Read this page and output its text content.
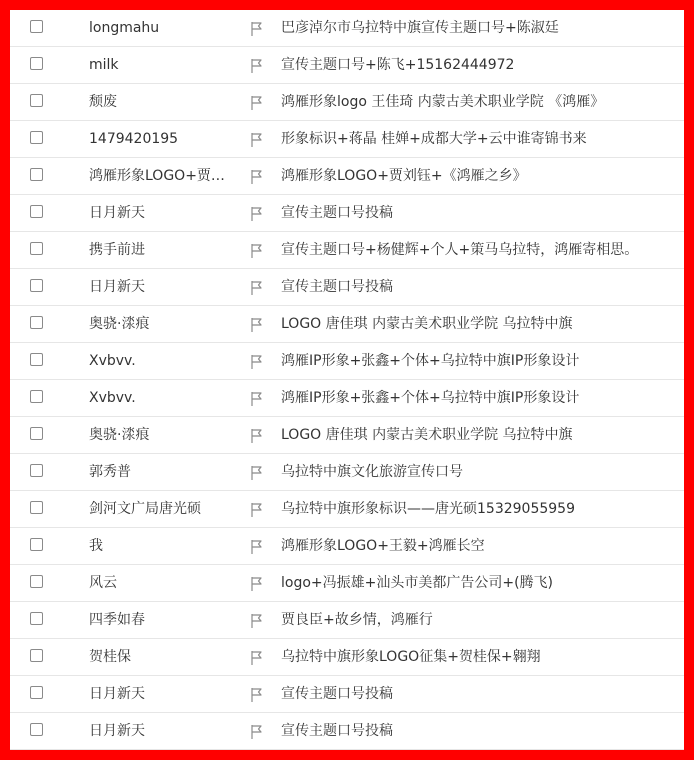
longmahu	巴彦淖尔市乌拉特中旗宣传主题口号+陈淑廷
milk	宣传主题口号+陈飞+15162444972
颓废	鸿雁形象logo 王佳琦 内蒙古美术职业学院 《鸿雁》
1479420195	形象标识+蒋晶 桂婵+成都大学+云中谁寄锦书来
鸿雁形象LOGO+贾…	鸿雁形象LOGO+贾刘钰+《鸿雁之乡》
日月新天	宣传主题口号投稿
携手前进	宣传主题口号+杨健辉+个人+策马乌拉特，鸿雁寄相思。
日月新天	宣传主题口号投稿
奥骁·渁痕	LOGO 唐佳琪 内蒙古美术职业学院 乌拉特中旗
Xvbvv.	鸿雁IP形象+张鑫+个体+乌拉特中旗IP形象设计
Xvbvv.	鸿雁IP形象+张鑫+个体+乌拉特中旗IP形象设计
奥骁·渁痕	LOGO 唐佳琪 内蒙古美术职业学院 乌拉特中旗
郭秀普	乌拉特中旗文化旅游宣传口号
剑河文广局唐光硕	乌拉特中旗形象标识——唐光硕15329055959
我	鸿雁形象LOGO+王毅+鸿雁长空
风云	logo+冯振雄+汕头市美都广告公司+(腾飞)
四季如春	贾良臣+故乡情，鸿雁行
贺桂保	乌拉特中旗形象LOGO征集+贺桂保+翱翔
日月新天	宣传主题口号投稿
日月新天	宣传主题口号投稿
